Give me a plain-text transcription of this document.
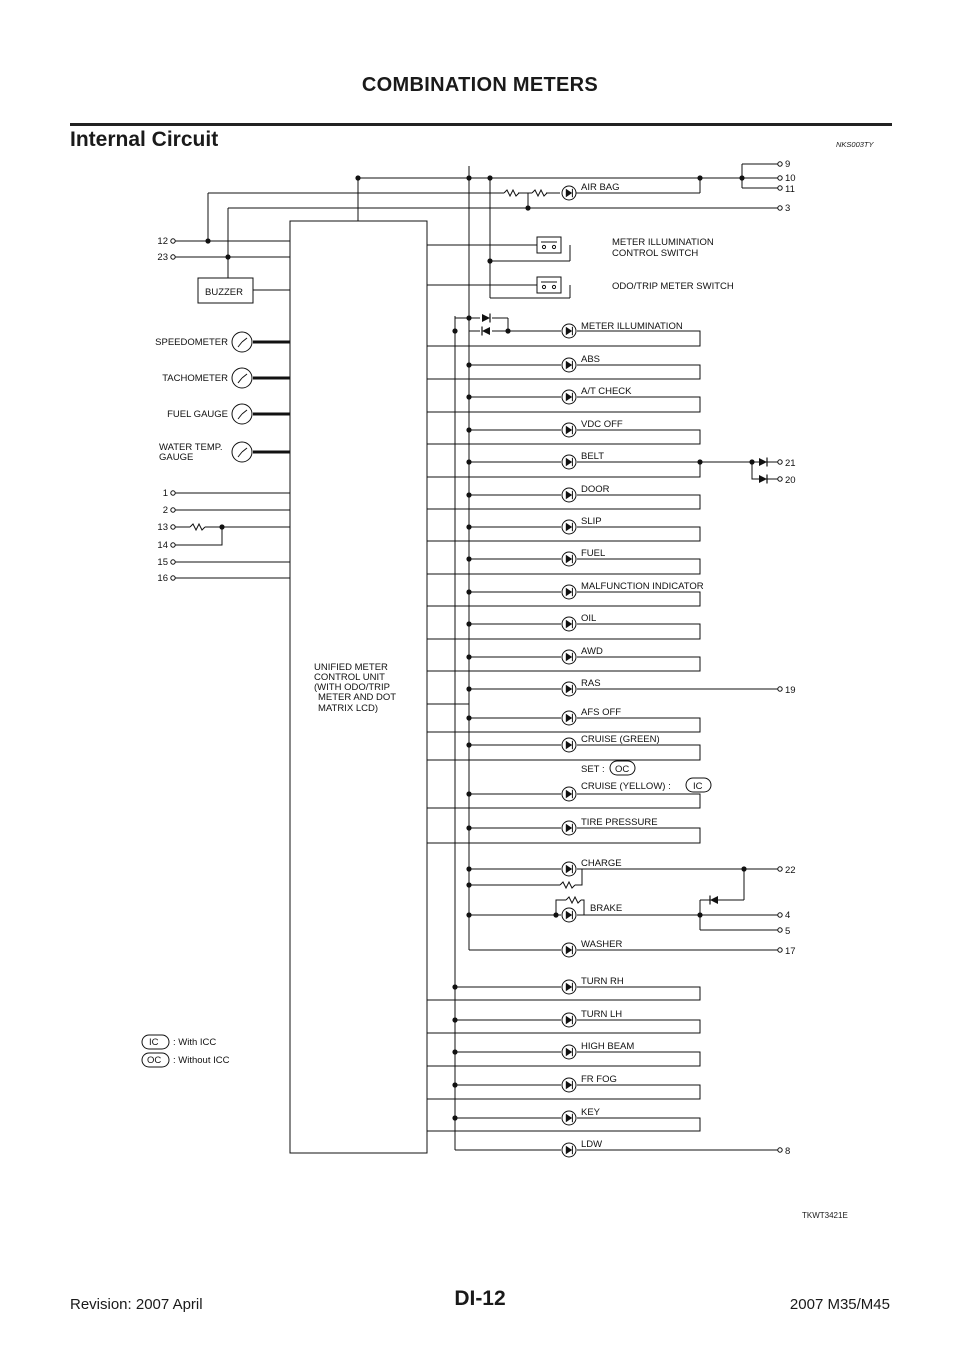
COMBINATION METERS
Internal Circuit	NKS003TY
UNIFIED METER
CONTROL UNIT
(WITH ODO/TRIP
METER AND DOT
MATRIX LCD)
BUZZER
SPEEDOMETER
TACHOMETER
FUEL GAUGE
WATER TEMP.
GAUGE
METER ILLUMINATION
CONTROL SWITCH
ODO/TRIP METER SWITCH
12
23
1
2
13
14
15
16
AIR BAG
METER ILLUMINATION
ABS
A/T CHECK
VDC OFF
BELT
DOOR
SLIP
FUEL
MALFUNCTION INDICATOR
OIL
AWD
RAS
AFS OFF
CRUISE (GREEN)
SET :
CRUISE (YELLOW) :
TIRE PRESSURE
CHARGE
BRAKE
WASHER
TURN RH
TURN LH
HIGH BEAM
FR FOG
KEY
LDW
OC
IC
9
10
11
3
21
20
19
22
4
5
17
8
IC : With ICC
OC : Without ICC
TKWT3421E
DI-12
Revision: 2007 April	2007 M35/M45
